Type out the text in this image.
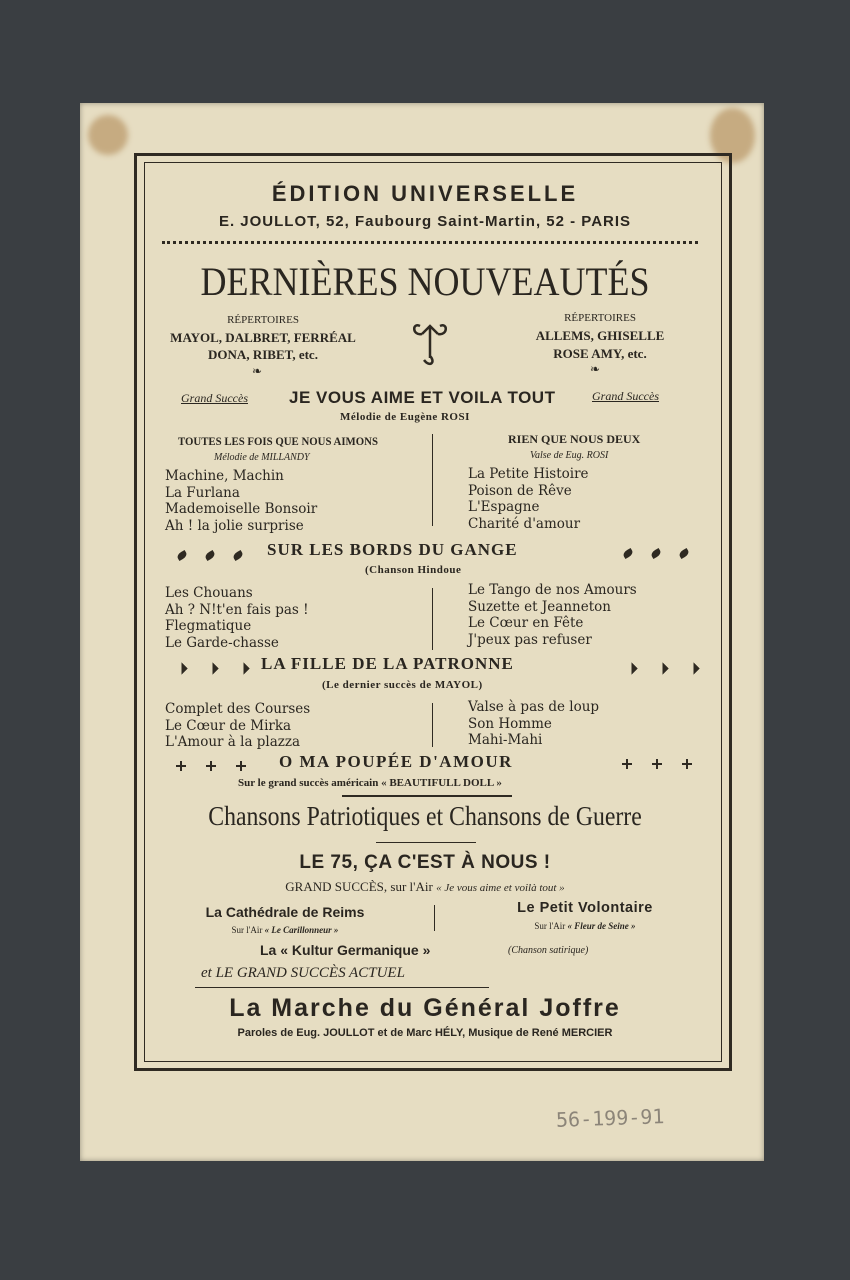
ÉDITION UNIVERSELLE
E. JOULLOT, 52, Faubourg Saint-Martin, 52 - PARIS
DERNIÈRES NOUVEAUTÉS
RÉPERTOIRES
MAYOL, DALBRET, FERRÉAL
DONA, RIBET, etc.
❧
RÉPERTOIRES
ALLEMS, GHISELLE
ROSE AMY, etc.
❧
Grand Succès JE VOUS AIME ET VOILA TOUT	Grand Succès
Mélodie de Eugène ROSI
TOUTES LES FOIS QUE NOUS AIMONS
Mélodie de MILLANDY
Machine, Machin
La Furlana
Mademoiselle Bonsoir
Ah ! la jolie surprise
RIEN QUE NOUS DEUX
Valse de Eug. ROSI
La Petite Histoire
Poison de Rêve
L'Espagne
Charité d'amour
SUR LES BORDS DU GANGE
(Chanson Hindoue
Les Chouans
Ah ? N!t'en fais pas !
Flegmatique
Le Garde-chasse
Le Tango de nos Amours
Suzette et Jeanneton
Le Cœur en Fête
J'peux pas refuser
LA FILLE DE LA PATRONNE
(Le dernier succès de MAYOL)
Complet des Courses
Le Cœur de Mirka
L'Amour à la plazza
Valse à pas de loup
Son Homme
Mahi-Mahi
O MA POUPÉE D'AMOUR
Sur le grand succès américain « BEAUTIFULL DOLL »
Chansons Patriotiques et Chansons de Guerre
LE 75, ÇA C'EST À NOUS !
GRAND SUCCÈS, sur l'Air « Je vous aime et voilà tout »
La Cathédrale de Reims
Sur l'Air « Le Carillonneur »
Le Petit Volontaire
Sur l'Air « Fleur de Seine »
La « Kultur Germanique »	(Chanson satirique)
et LE GRAND SUCCÈS ACTUEL
La Marche du Général Joffre
Paroles de Eug. JOULLOT et de Marc HÉLY, Musique de René MERCIER
56-199-91
